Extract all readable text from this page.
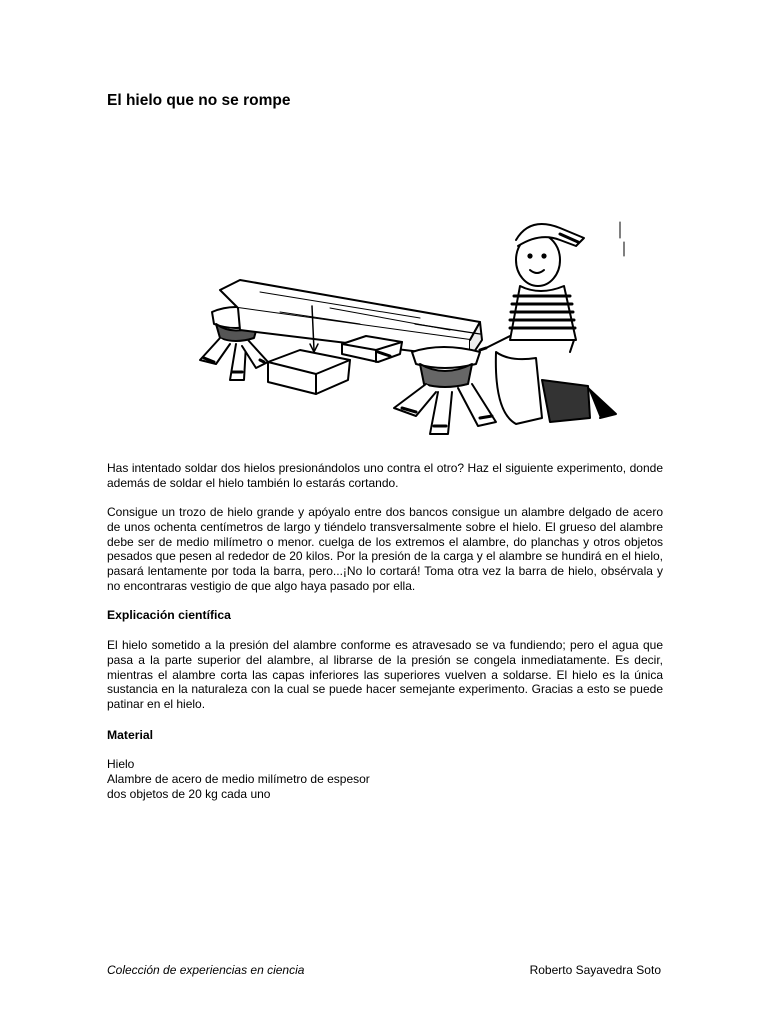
El hielo que no se rompe

Has intentado soldar dos hielos presionándolos uno contra el otro? Haz el siguiente experimento, donde además de soldar el hielo también lo estarás cortando.

Consigue un trozo de hielo grande y apóyalo entre dos bancos consigue un alambre delgado de acero de unos ochenta centímetros de largo y tiéndelo transversalmente sobre el hielo. El grueso del alambre debe ser de medio milímetro o menor. cuelga de los extremos el alambre, do planchas y otros objetos pesados que pesen al rededor de 20 kilos. Por la presión de la carga y el alambre se hundirá en el hielo, pasará lentamente por toda la barra, pero...¡No lo cortará! Toma otra vez la barra de hielo, obsérvala y no encontraras vestigio de que algo haya pasado por ella.

Explicación científica

El hielo sometido a la presión del alambre conforme es atravesado se va fundiendo; pero el agua que pasa a la parte superior del alambre, al librarse de la presión se congela inmediatamente. Es decir, mientras el alambre corta las capas inferiores las superiores vuelven a soldarse. El hielo es la única sustancia en la naturaleza con la cual se puede hacer semejante experimento. Gracias a esto se puede patinar en el hielo.

Material

Hielo
Alambre de acero de medio milímetro de espesor
dos objetos de 20 kg cada uno
Colección de experiencias en ciencia	Roberto Sayavedra Soto
